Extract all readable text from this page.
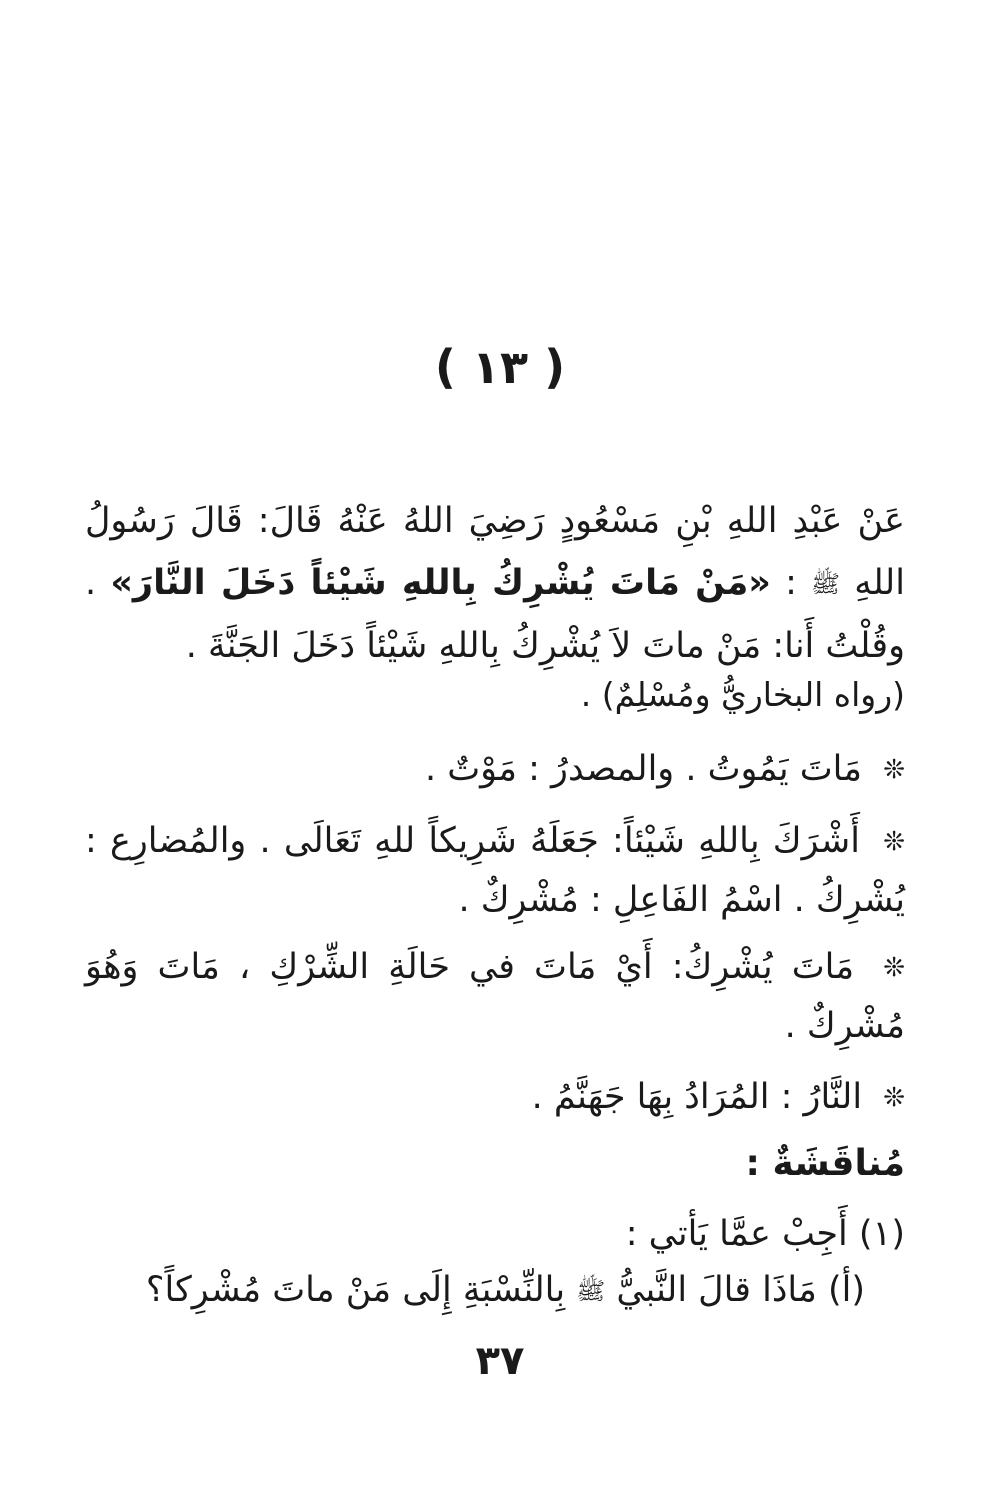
( ١٣ )
عَنْ عَبْدِ اللهِ بْنِ مَسْعُودٍ رَضِيَ اللهُ عَنْهُ قَالَ: قَالَ رَسُولُ اللهِ ﷺ : «مَنْ مَاتَ يُشْرِكُ بِاللهِ شَيْئاً دَخَلَ النَّارَ» . وقُلْتُ أَنا: مَنْ ماتَ لاَ يُشْرِكُ بِاللهِ شَيْئاً دَخَلَ الجَنَّةَ .
(رواه البخاريُّ ومُسْلِمٌ) .
❊ مَاتَ يَمُوتُ . والمصدرُ : مَوْتٌ .
❊ أَشْرَكَ بِاللهِ شَيْئاً: جَعَلَهُ شَرِيكاً للهِ تَعَالَى . والمُضارِع : يُشْرِكُ . اسْمُ الفَاعِلِ : مُشْرِكٌ .
❊ مَاتَ يُشْرِكُ: أَيْ مَاتَ في حَالَةِ الشِّرْكِ ، مَاتَ وَهُوَ مُشْرِكٌ .
❊ النَّارُ : المُرَادُ بِهَا جَهَنَّمُ .
مُناقَشَةٌ :
(١) أَجِبْ عمَّا يَأتي :
(أ) مَاذَا قالَ النَّبيُّ ﷺ بِالنِّسْبَةِ إِلَى مَنْ ماتَ مُشْرِكاً؟
٣٧
